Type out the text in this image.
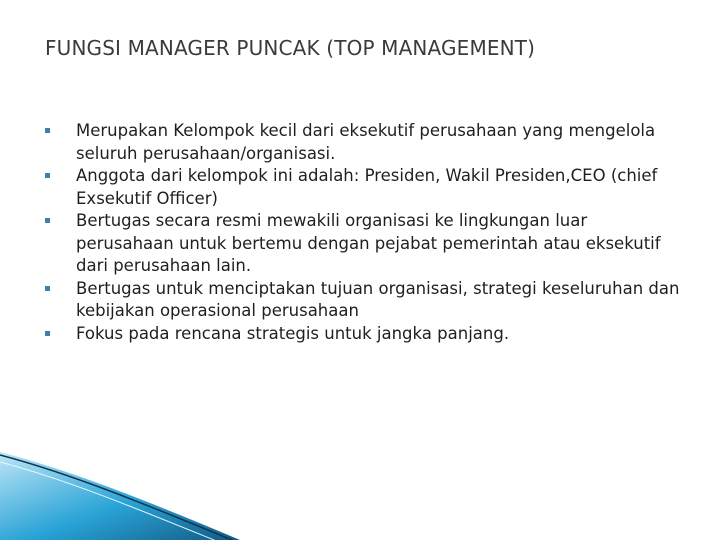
FUNGSI MANAGER PUNCAK (TOP MANAGEMENT)
Merupakan Kelompok kecil dari eksekutif perusahaan yang mengelola seluruh perusahaan/organisasi.
Anggota dari kelompok ini adalah: Presiden, Wakil Presiden,CEO (chief Exsekutif Officer)
Bertugas secara resmi mewakili organisasi ke lingkungan luar perusahaan untuk bertemu dengan pejabat pemerintah atau eksekutif dari perusahaan lain.
Bertugas untuk menciptakan tujuan organisasi, strategi keseluruhan dan kebijakan operasional perusahaan
Fokus pada rencana strategis untuk jangka panjang.
